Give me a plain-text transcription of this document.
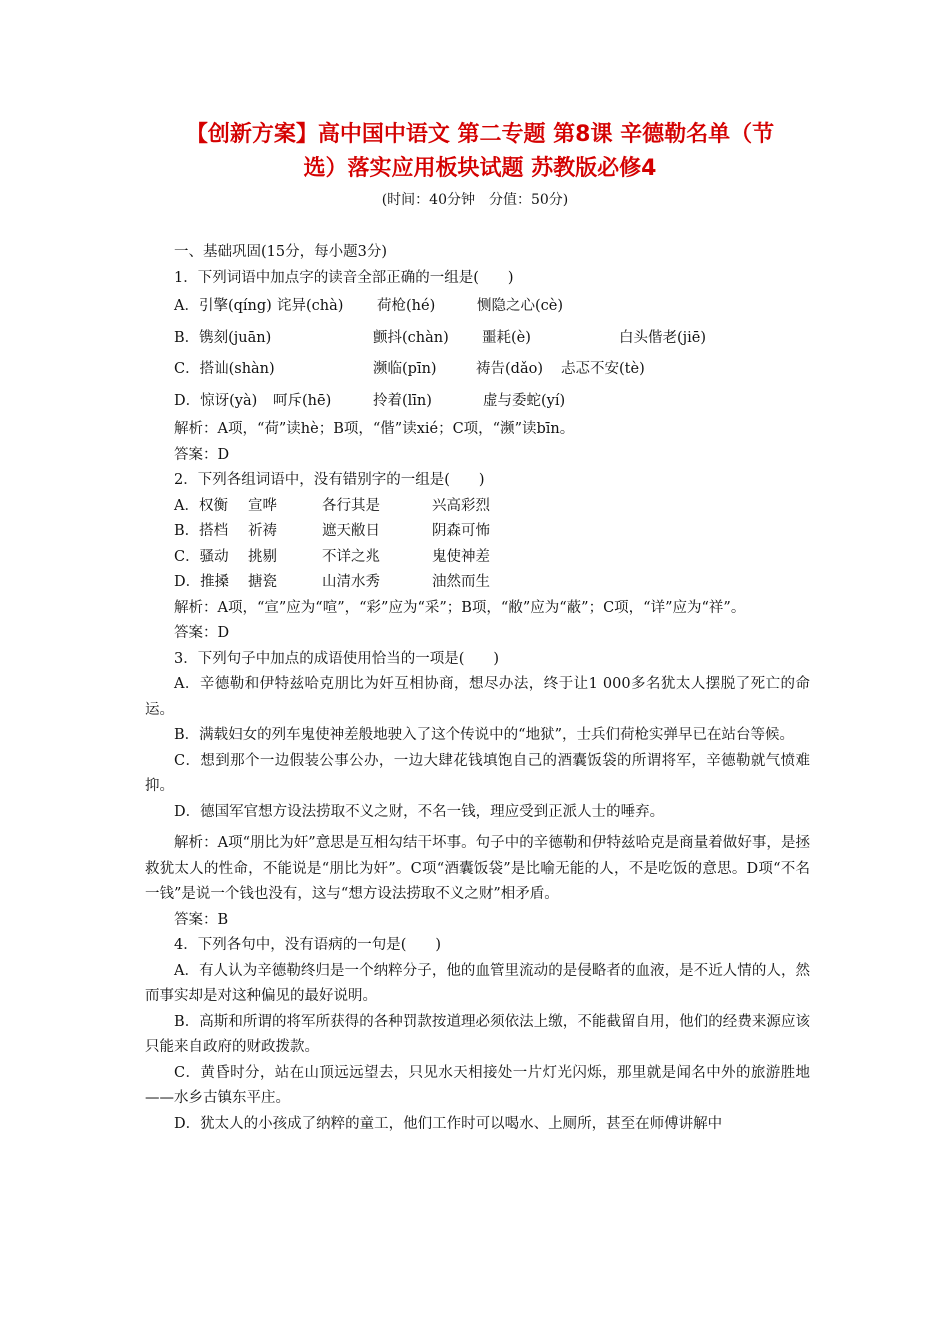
【创新方案】高中国中语文 第二专题 第8课 辛德勒名单（节
选）落实应用板块试题 苏教版必修4
(时间：40分钟　分值：50分)

一、基础巩固(15分，每小题3分)

1．下列词语中加点字的读音全部正确的一组是(　　)

A．引擎(qíng) 诧异(chà)	荷枪(hé)	恻隐之心(cè)
B．镌刻(juān)	颤抖(chàn)	噩耗(è)	白头偕老(jiē)
C．搭讪(shàn)	濒临(pīn)	祷告(dǎo)	忐忑不安(tè)
D．惊讶(yà)	呵斥(hē)	拎着(līn)	虚与委蛇(yí)

解析：A项，“荷”读hè；B项，“偕”读xié；C项，“濒”读bīn。

答案：D

2．下列各组词语中，没有错别字的一组是(　　)

A．权衡	宣哗	各行其是	兴高彩烈
B．搭档	祈祷	遮天敝日	阴森可怖
C．骚动	挑剔	不详之兆	鬼使神差
D．推搡	搪瓷	山清水秀	油然而生

解析：A项，“宣”应为“喧”，“彩”应为“采”；B项，“敝”应为“蔽”；C项，“详”应为“祥”。

答案：D

3．下列句子中加点的成语使用恰当的一项是(　　)

A．辛德勒和伊特兹哈克朋比为奸互相协商，想尽办法，终于让1 000多名犹太人摆脱了死亡的命运。

B．满载妇女的列车鬼使神差般地驶入了这个传说中的“地狱”，士兵们荷枪实弹早已在站台等候。

C．想到那个一边假装公事公办，一边大肆花钱填饱自己的酒囊饭袋的所谓将军，辛德勒就气愤难抑。

D．德国军官想方设法捞取不义之财，不名一钱，理应受到正派人士的唾弃。

解析：A项“朋比为奸”意思是互相勾结干坏事。句子中的辛德勒和伊特兹哈克是商量着做好事，是拯救犹太人的性命，不能说是“朋比为奸”。C项“酒囊饭袋”是比喻无能的人，不是吃饭的意思。D项“不名一钱”是说一个钱也没有，这与“想方设法捞取不义之财”相矛盾。

答案：B

4．下列各句中，没有语病的一句是(　　)

A．有人认为辛德勒终归是一个纳粹分子，他的血管里流动的是侵略者的血液，是不近人情的人，然而事实却是对这种偏见的最好说明。

B．高斯和所谓的将军所获得的各种罚款按道理必须依法上缴，不能截留自用，他们的经费来源应该只能来自政府的财政拨款。

C．黄昏时分，站在山顶远远望去，只见水天相接处一片灯光闪烁，那里就是闻名中外的旅游胜地——水乡古镇东平庄。

D．犹太人的小孩成了纳粹的童工，他们工作时可以喝水、上厕所，甚至在师傅讲解中
